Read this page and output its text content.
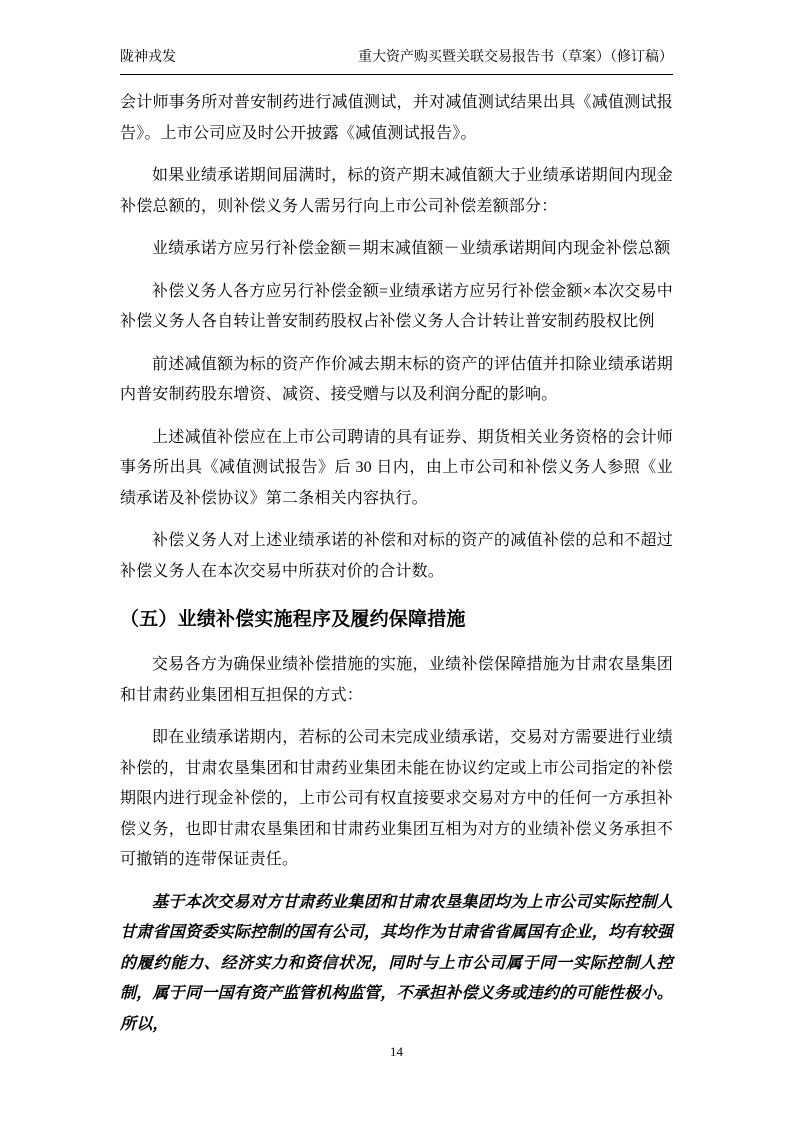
陇神戎发	重大资产购买暨关联交易报告书（草案）（修订稿）

会计师事务所对普安制药进行减值测试，并对减值测试结果出具《减值测试报告》。上市公司应及时公开披露《减值测试报告》。

如果业绩承诺期间届满时，标的资产期末减值额大于业绩承诺期间内现金补偿总额的，则补偿义务人需另行向上市公司补偿差额部分：

业绩承诺方应另行补偿金额＝期末减值额－业绩承诺期间内现金补偿总额

补偿义务人各方应另行补偿金额=业绩承诺方应另行补偿金额×本次交易中补偿义务人各自转让普安制药股权占补偿义务人合计转让普安制药股权比例

前述减值额为标的资产作价减去期末标的资产的评估值并扣除业绩承诺期内普安制药股东增资、减资、接受赠与以及利润分配的影响。

上述减值补偿应在上市公司聘请的具有证券、期货相关业务资格的会计师事务所出具《减值测试报告》后 30 日内，由上市公司和补偿义务人参照《业绩承诺及补偿协议》第二条相关内容执行。

补偿义务人对上述业绩承诺的补偿和对标的资产的减值补偿的总和不超过补偿义务人在本次交易中所获对价的合计数。

（五）业绩补偿实施程序及履约保障措施

交易各方为确保业绩补偿措施的实施，业绩补偿保障措施为甘肃农垦集团和甘肃药业集团相互担保的方式：

即在业绩承诺期内，若标的公司未完成业绩承诺，交易对方需要进行业绩补偿的，甘肃农垦集团和甘肃药业集团未能在协议约定或上市公司指定的补偿期限内进行现金补偿的，上市公司有权直接要求交易对方中的任何一方承担补偿义务，也即甘肃农垦集团和甘肃药业集团互相为对方的业绩补偿义务承担不可撤销的连带保证责任。

基于本次交易对方甘肃药业集团和甘肃农垦集团均为上市公司实际控制人甘肃省国资委实际控制的国有公司，其均作为甘肃省省属国有企业，均有较强的履约能力、经济实力和资信状况，同时与上市公司属于同一实际控制人控制，属于同一国有资产监管机构监管，不承担补偿义务或违约的可能性极小。所以，

14
